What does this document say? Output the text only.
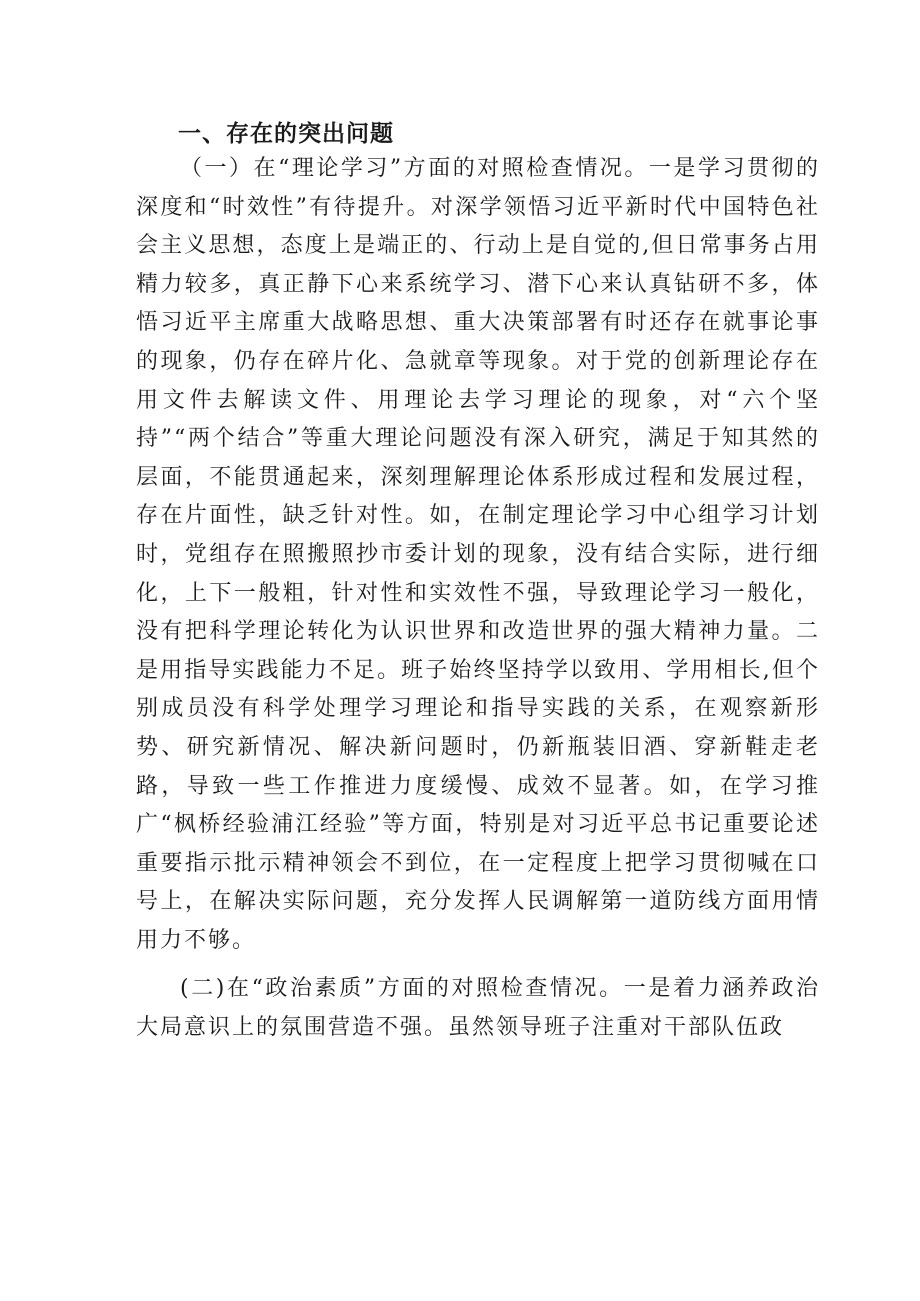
一、存在的突出问题

（一）在“理论学习”方面的对照检查情况。一是学习贯彻的深度和“时效性”有待提升。对深学领悟习近平新时代中国特色社会主义思想，态度上是端正的、行动上是自觉的,但日常事务占用精力较多，真正静下心来系统学习、潜下心来认真钻研不多，体悟习近平主席重大战略思想、重大决策部署有时还存在就事论事的现象，仍存在碎片化、急就章等现象。对于党的创新理论存在用文件去解读文件、用理论去学习理论的现象，对“六个坚持”“两个结合”等重大理论问题没有深入研究，满足于知其然的层面，不能贯通起来，深刻理解理论体系形成过程和发展过程，存在片面性，缺乏针对性。如，在制定理论学习中心组学习计划时，党组存在照搬照抄市委计划的现象，没有结合实际，进行细化，上下一般粗，针对性和实效性不强，导致理论学习一般化，没有把科学理论转化为认识世界和改造世界的强大精神力量。二是用指导实践能力不足。班子始终坚持学以致用、学用相长,但个别成员没有科学处理学习理论和指导实践的关系，在观察新形势、研究新情况、解决新问题时，仍新瓶装旧酒、穿新鞋走老路，导致一些工作推进力度缓慢、成效不显著。如，在学习推广“枫桥经验浦江经验”等方面，特别是对习近平总书记重要论述重要指示批示精神领会不到位，在一定程度上把学习贯彻喊在口号上，在解决实际问题，充分发挥人民调解第一道防线方面用情用力不够。

(二)在“政治素质”方面的对照检查情况。一是着力涵养政治大局意识上的氛围营造不强。虽然领导班子注重对干部队伍政
